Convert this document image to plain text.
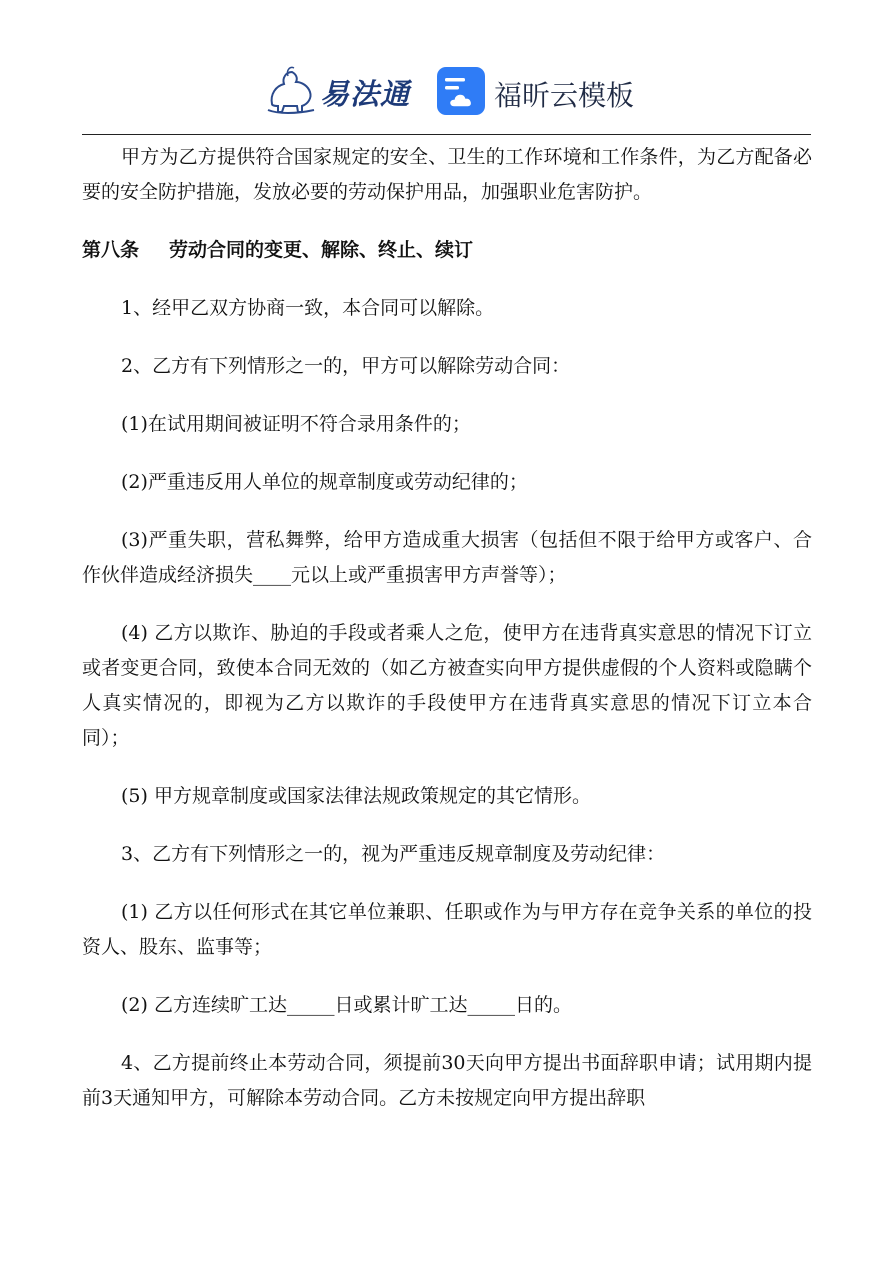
易法通	福昕云模板

甲方为乙方提供符合国家规定的安全、卫生的工作环境和工作条件，为乙方配备必要的安全防护措施，发放必要的劳动保护用品，加强职业危害防护。

第八条 劳动合同的变更、解除、终止、续订

1、经甲乙双方协商一致，本合同可以解除。

2、乙方有下列情形之一的，甲方可以解除劳动合同：

(1)在试用期间被证明不符合录用条件的；

(2)严重违反用人单位的规章制度或劳动纪律的；

(3)严重失职，营私舞弊，给甲方造成重大损害（包括但不限于给甲方或客户、合作伙伴造成经济损失____元以上或严重损害甲方声誉等）；

(4) 乙方以欺诈、胁迫的手段或者乘人之危，使甲方在违背真实意思的情况下订立或者变更合同，致使本合同无效的（如乙方被查实向甲方提供虚假的个人资料或隐瞒个人真实情况的，即视为乙方以欺诈的手段使甲方在违背真实意思的情况下订立本合同）；

(5) 甲方规章制度或国家法律法规政策规定的其它情形。

3、乙方有下列情形之一的，视为严重违反规章制度及劳动纪律：

(1) 乙方以任何形式在其它单位兼职、任职或作为与甲方存在竞争关系的单位的投资人、股东、监事等；

(2) 乙方连续旷工达_____日或累计旷工达_____日的。

4、乙方提前终止本劳动合同，须提前30天向甲方提出书面辞职申请；试用期内提前3天通知甲方，可解除本劳动合同。乙方未按规定向甲方提出辞职
